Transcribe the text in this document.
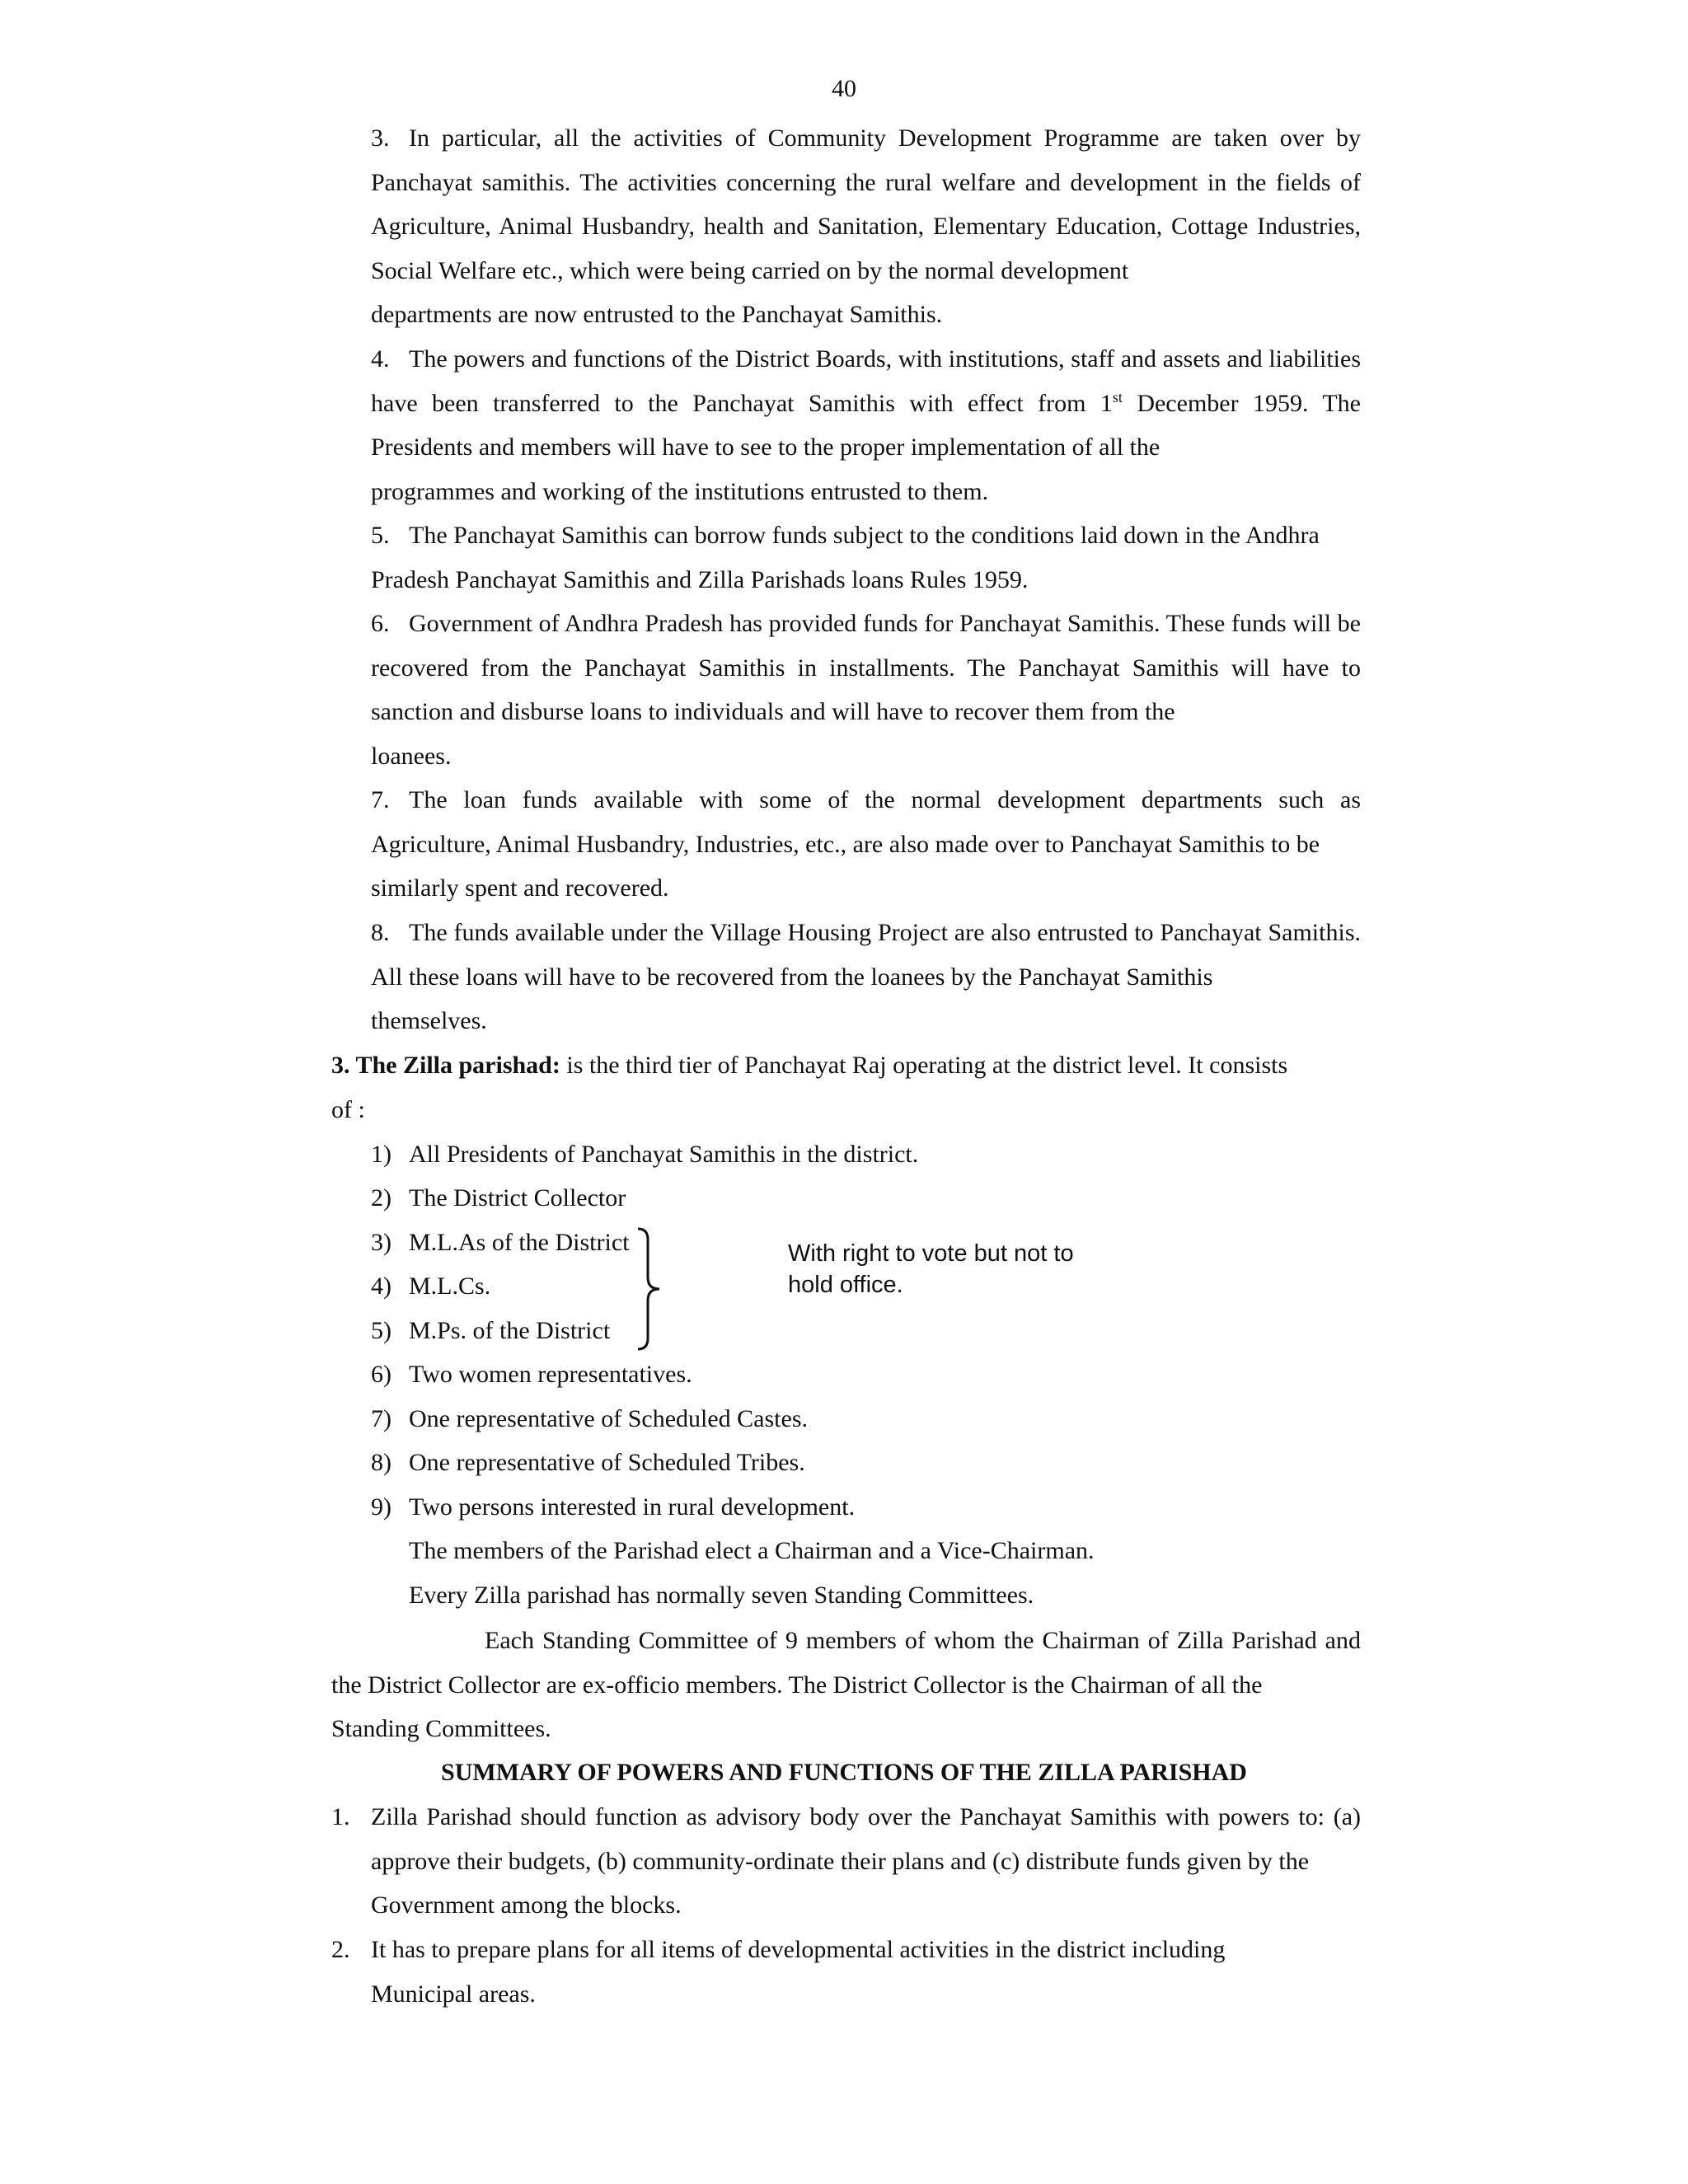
40
3. In particular, all the activities of Community Development Programme are taken over by Panchayat samithis. The activities concerning the rural welfare and development in the fields of Agriculture, Animal Husbandry, health and Sanitation, Elementary Education, Cottage Industries, Social Welfare etc., which were being carried on by the normal development
departments are now entrusted to the Panchayat Samithis.
4. The powers and functions of the District Boards, with institutions, staff and assets and liabilities have been transferred to the Panchayat Samithis with effect from 1st December 1959. The Presidents and members will have to see to the proper implementation of all the
programmes and working of the institutions entrusted to them.
5. The Panchayat Samithis can borrow funds subject to the conditions laid down in the Andhra
Pradesh Panchayat Samithis and Zilla Parishads loans Rules 1959.
6. Government of Andhra Pradesh has provided funds for Panchayat Samithis. These funds will be recovered from the Panchayat Samithis in installments. The Panchayat Samithis will have to sanction and disburse loans to individuals and will have to recover them from the
loanees.
7. The loan funds available with some of the normal development departments such as Agriculture, Animal Husbandry, Industries, etc., are also made over to Panchayat Samithis to be
similarly spent and recovered.
8. The funds available under the Village Housing Project are also entrusted to Panchayat Samithis. All these loans will have to be recovered from the loanees by the Panchayat Samithis
themselves.
3. The Zilla parishad: is the third tier of Panchayat Raj operating at the district level. It consists
of :
1) All Presidents of Panchayat Samithis in the district.
2) The District Collector
3) M.L.As of the District
4) M.L.Cs.
5) M.Ps. of the District
6) Two women representatives.
7) One representative of Scheduled Castes.
8) One representative of Scheduled Tribes.
9) Two persons interested in rural development.
With right to vote but not to
hold office.
The members of the Parishad elect a Chairman and a Vice-Chairman.
Every Zilla parishad has normally seven Standing Committees.
Each Standing Committee of 9 members of whom the Chairman of Zilla Parishad and the District Collector are ex-officio members. The District Collector is the Chairman of all the
Standing Committees.
SUMMARY OF POWERS AND FUNCTIONS OF THE ZILLA PARISHAD
1. Zilla Parishad should function as advisory body over the Panchayat Samithis with powers to: (a) approve their budgets, (b) community-ordinate their plans and (c) distribute funds given by the
Government among the blocks.
2. It has to prepare plans for all items of developmental activities in the district including
Municipal areas.
